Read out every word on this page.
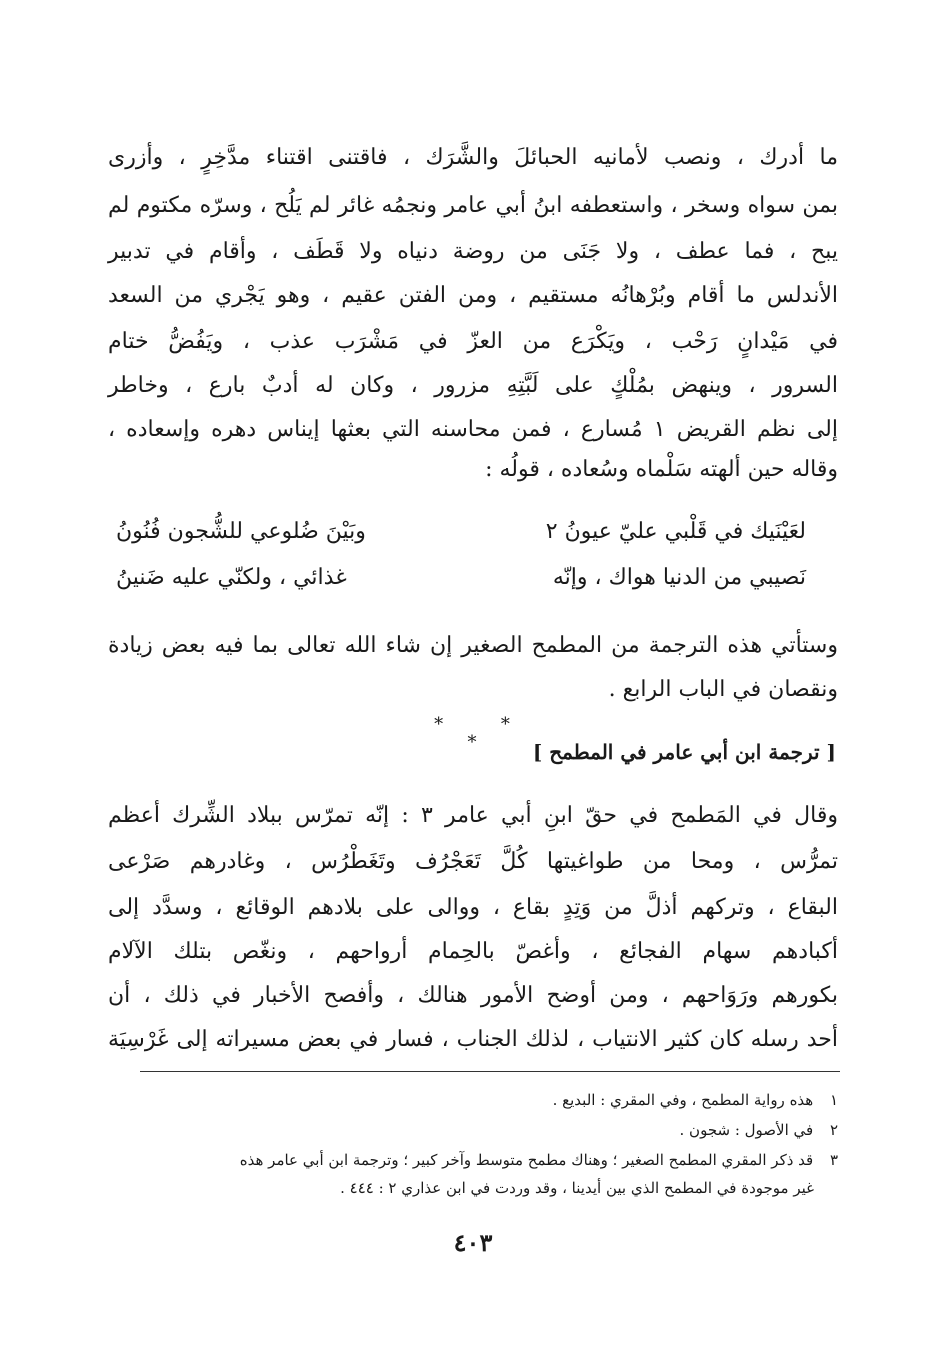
ما أدرك ، ونصب لأمانيه الحبائلَ والشَّرَك ، فاقتنى اقتناء مدَّخِرٍ ، وأزرى
بمن سواه وسخر ، واستعطفه ابنُ أبي عامر ونجمُه غائر لم يَلُح ، وسرّه مكتوم لم
يبح ، فما عطف ، ولا جَنَى من روضة دنياه ولا قَطَف ، وأقام في تدبير
الأندلس ما أقام وبُرْهانُه مستقيم ، ومن الفتن عقيم ، وهو يَجْري من السعد
في مَيْدانٍ رَحْب ، ويَكْرَع من العزّ في مَشْرَب عذب ، ويَفُضُّ ختام
السرور ، وينهض بمُلْكٍ على لَبَّتِهِ مزرور ، وكان له أدبٌ بارع ، وخاطر
إلى نظم القريض ١ مُسارع ، فمن محاسنه التي بعثها إيناس دهره وإسعاده ،
وقاله حين ألهته سَلْماه وسُعاده ، قولُه :
لعَيْنَيك في قَلْبي عليّ عيونُ ٢
وبَيْنَ ضُلوعي للشُّجون فُنُونُ
نَصيبي من الدنيا هواك ، وإنّه
غذائي ، ولكنّي عليه ضَنينُ
وستأتي هذه الترجمة من المطمح الصغير إن شاء الله تعالى بما فيه بعض زيادة
ونقصان في الباب الرابع .
* * *	[ ترجمة ابن أبي عامر في المطمح ]
وقال في المَطمح في حقّ ابنِ أبي عامر ٣ : إنّه تمرّس ببلاد الشِّرك أعظم
تمرُّس ، ومحا من طواغيتها كُلَّ تَعَجْرُف وتَغَطْرُس ، وغادرهم صَرْعى
البقاع ، وتركهم أذلَّ من وَتِدٍ بقاع ، ووالى على بلادهم الوقائع ، وسدَّد إلى
أكبادهم سهام الفجائع ، وأغصّ بالحِمام أرواحهم ، ونغّص بتلك الآلام
بكورهم ورَوَاحهم ، ومن أوضح الأمور هنالك ، وأفصح الأخبار في ذلك ، أن
أحد رسله كان كثير الانتياب ، لذلك الجناب ، فسار في بعض مسيراته إلى غَرْسِيَة
١ هذه رواية المطمح ، وفي المقري : البديع .
٢ في الأصول : شجون .
٣ قد ذكر المقري المطمح الصغير ؛ وهناك مطمح متوسط وآخر كبير ؛ وترجمة ابن أبي عامر هذه
غير موجودة في المطمح الذي بين أيدينا ، وقد وردت في ابن عذاري ٢ : ٤٤٤ .
٤٠٣
